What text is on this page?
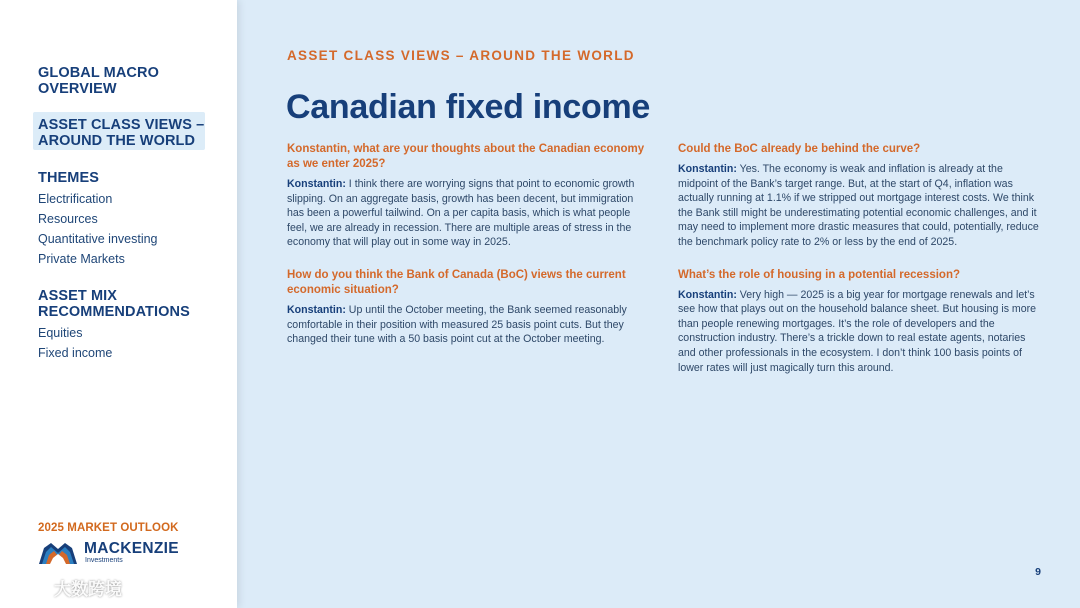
GLOBAL MACRO
OVERVIEW
ASSET CLASS VIEWS –
AROUND THE WORLD
THEMES
Electrification
Resources
Quantitative investing
Private Markets
ASSET MIX
RECOMMENDATIONS
Equities
Fixed income
2025 MARKET OUTLOOK
MACKENZIE
Investments
大数跨境
ASSET CLASS VIEWS – AROUND THE WORLD
Canadian fixed income
Konstantin, what are your thoughts about the Canadian economy as we enter 2025?
Konstantin: I think there are worrying signs that point to economic growth slipping. On an aggregate basis, growth has been decent, but immigration has been a powerful tailwind. On a per capita basis, which is what people feel, we are already in recession. There are multiple areas of stress in the economy that will play out in some way in 2025.
How do you think the Bank of Canada (BoC) views the current economic situation?
Konstantin: Up until the October meeting, the Bank seemed reasonably comfortable in their position with measured 25 basis point cuts. But they changed their tune with a 50 basis point cut at the October meeting.
Could the BoC already be behind the curve?
Konstantin: Yes. The economy is weak and inflation is already at the midpoint of the Bank’s target range. But, at the start of Q4, inflation was actually running at 1.1% if we stripped out mortgage interest costs. We think the Bank still might be underestimating potential economic challenges, and it may need to implement more drastic measures that could, potentially, reduce the benchmark policy rate to 2% or less by the end of 2025.
What’s the role of housing in a potential recession?
Konstantin: Very high — 2025 is a big year for mortgage renewals and let’s see how that plays out on the household balance sheet. But housing is more than people renewing mortgages. It’s the role of developers and the construction industry. There’s a trickle down to real estate agents, notaries and other professionals in the ecosystem. I don’t think 100 basis points of lower rates will just magically turn this around.
9
